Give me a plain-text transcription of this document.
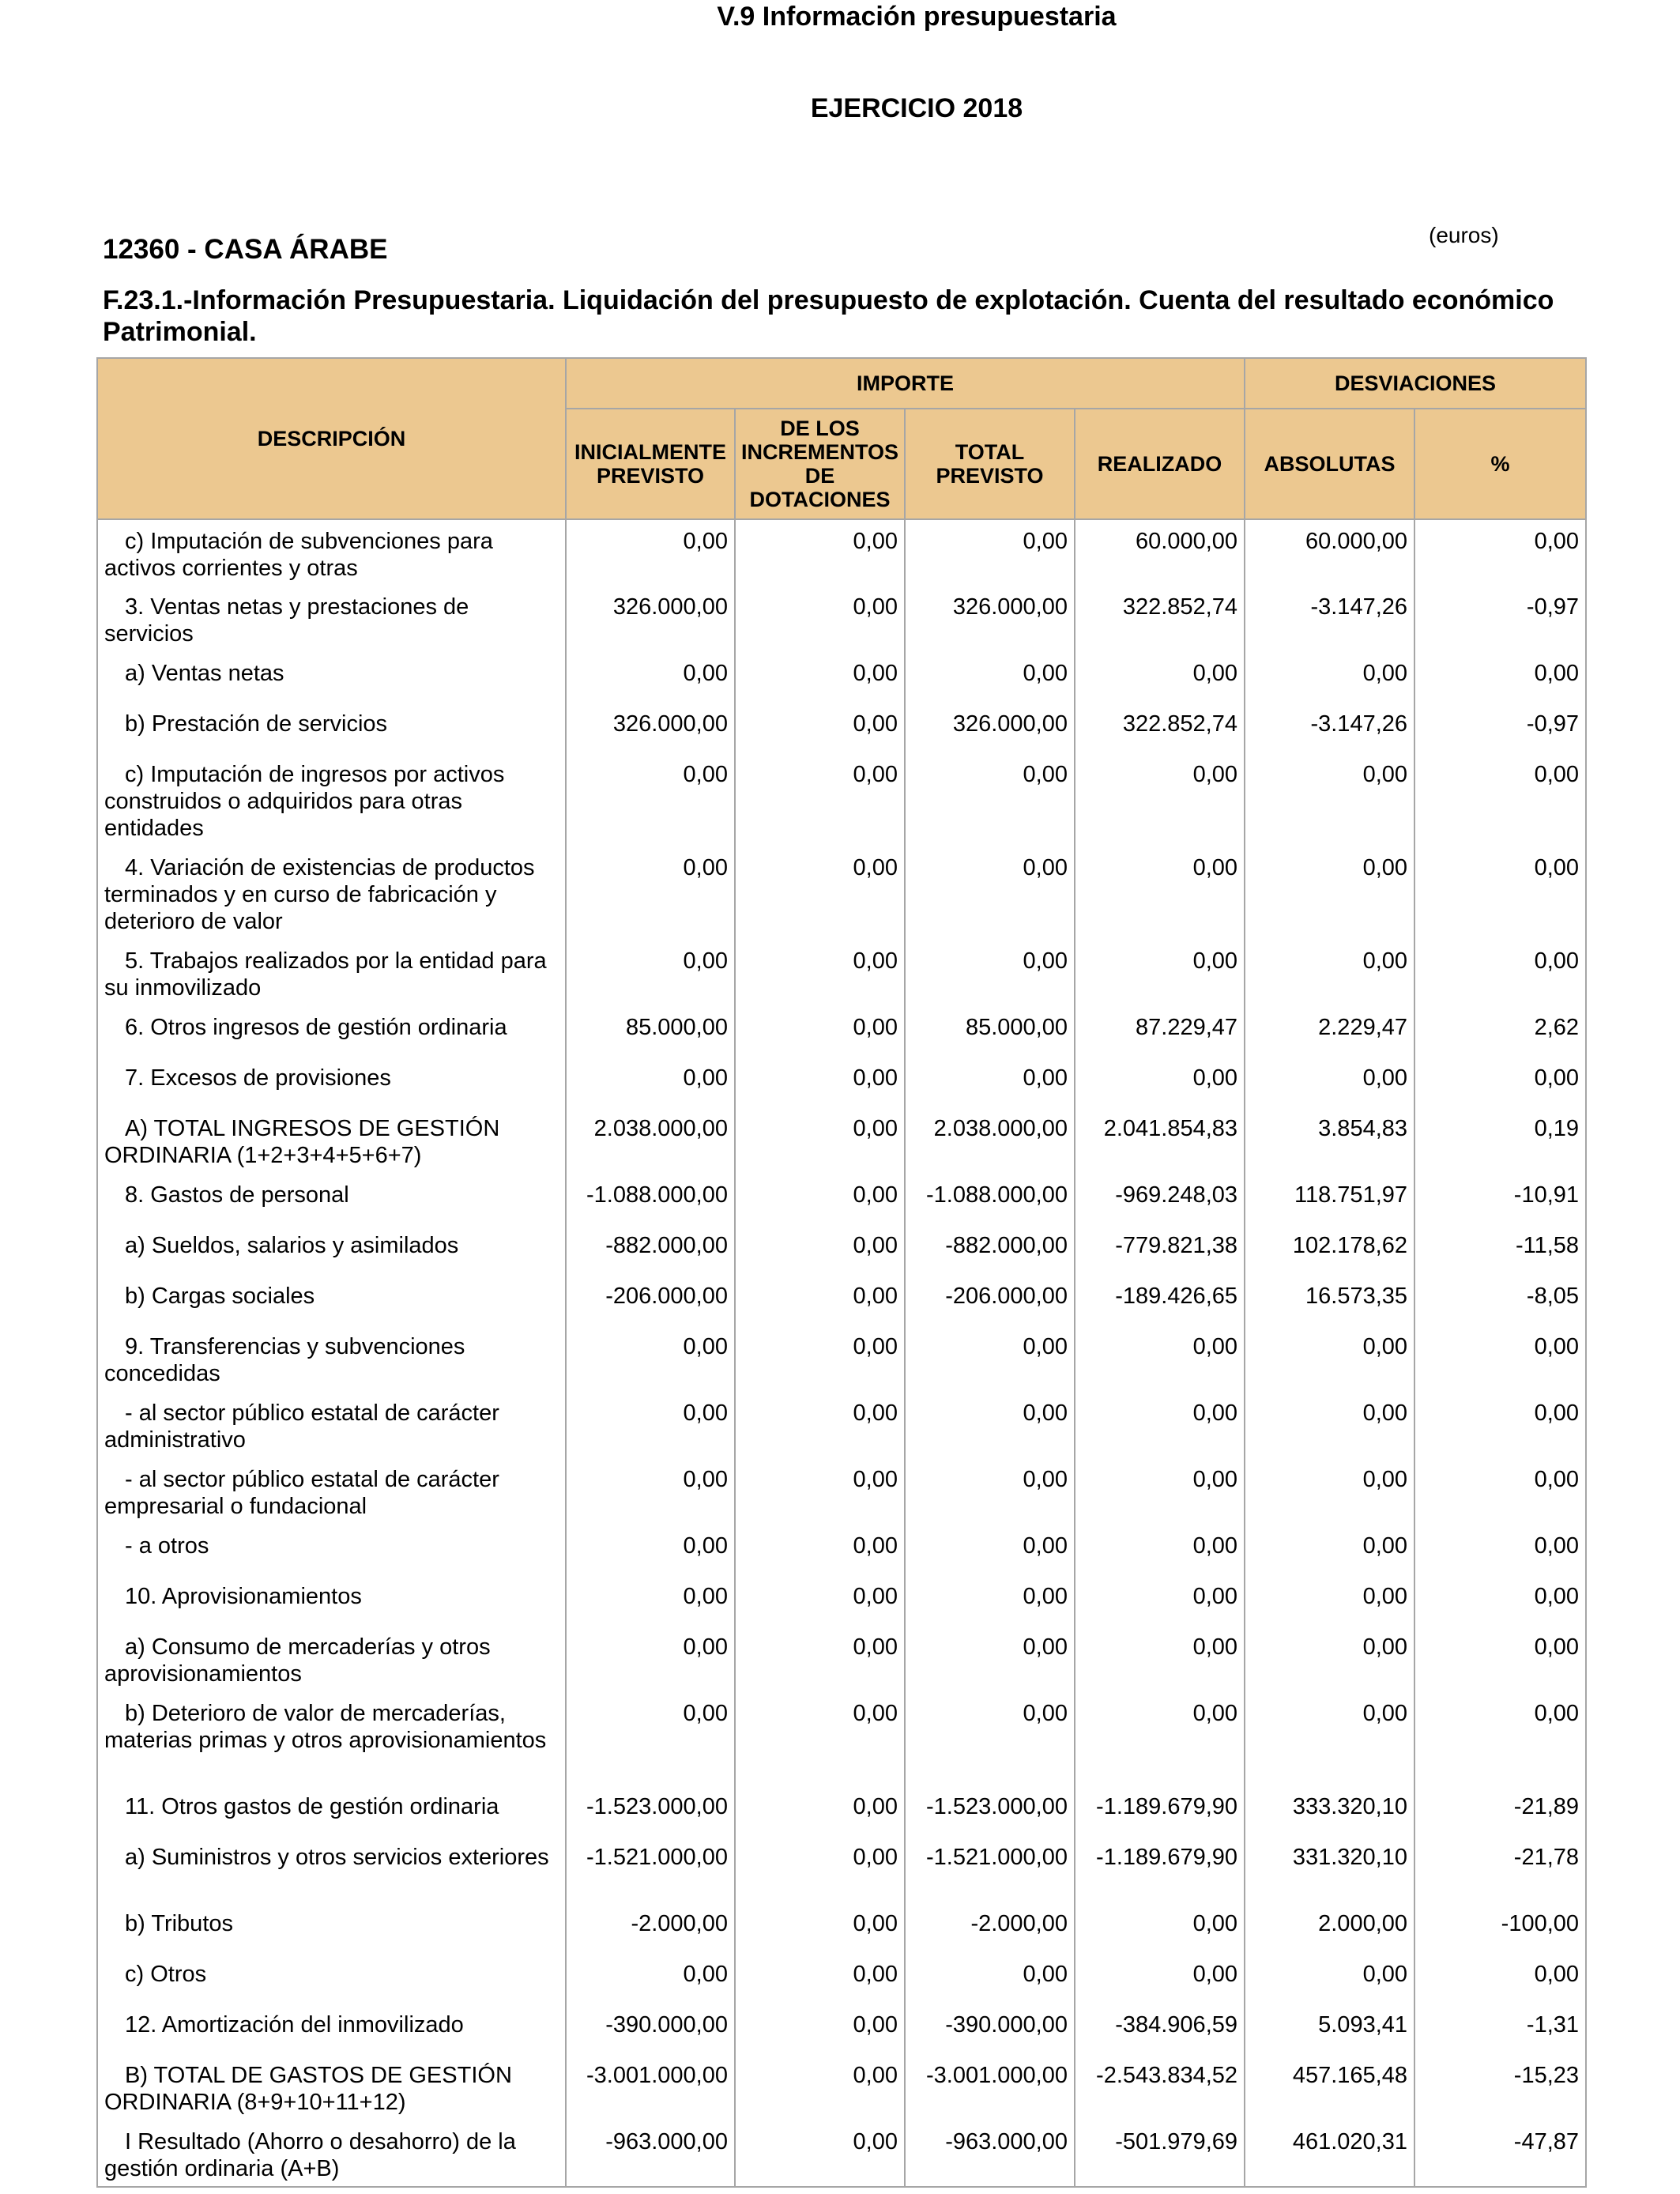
V.9 Información presupuestaria
EJERCICIO 2018
(euros)
12360 - CASA ÁRABE
F.23.1.-Información Presupuestaria. Liquidación del presupuesto de explotación. Cuenta del resultado económico Patrimonial.
DESCRIPCIÓN	IMPORTE				DESVIACIONES	
	INICIALMENTE PREVISTO	DE LOS INCREMENTOS DE DOTACIONES	TOTAL PREVISTO	REALIZADO	ABSOLUTAS	%
c) Imputación de subvenciones para activos corrientes y otras	0,00	0,00	0,00	60.000,00	60.000,00	0,00
3. Ventas netas y prestaciones de servicios	326.000,00	0,00	326.000,00	322.852,74	-3.147,26	-0,97
a) Ventas netas	0,00	0,00	0,00	0,00	0,00	0,00
b) Prestación de servicios	326.000,00	0,00	326.000,00	322.852,74	-3.147,26	-0,97
c) Imputación de ingresos por activos construidos o adquiridos para otras entidades	0,00	0,00	0,00	0,00	0,00	0,00
4. Variación de existencias de productos terminados y en curso de fabricación y deterioro de valor	0,00	0,00	0,00	0,00	0,00	0,00
5. Trabajos realizados por la entidad para su inmovilizado	0,00	0,00	0,00	0,00	0,00	0,00
6. Otros ingresos de gestión ordinaria	85.000,00	0,00	85.000,00	87.229,47	2.229,47	2,62
7. Excesos de provisiones	0,00	0,00	0,00	0,00	0,00	0,00
A) TOTAL INGRESOS DE GESTIÓN ORDINARIA (1+2+3+4+5+6+7)	2.038.000,00	0,00	2.038.000,00	2.041.854,83	3.854,83	0,19
8. Gastos de personal	-1.088.000,00	0,00	-1.088.000,00	-969.248,03	118.751,97	-10,91
a) Sueldos, salarios y asimilados	-882.000,00	0,00	-882.000,00	-779.821,38	102.178,62	-11,58
b) Cargas sociales	-206.000,00	0,00	-206.000,00	-189.426,65	16.573,35	-8,05
9. Transferencias y subvenciones concedidas	0,00	0,00	0,00	0,00	0,00	0,00
- al sector público estatal de carácter administrativo	0,00	0,00	0,00	0,00	0,00	0,00
- al sector público estatal de carácter empresarial o fundacional	0,00	0,00	0,00	0,00	0,00	0,00
- a otros	0,00	0,00	0,00	0,00	0,00	0,00
10. Aprovisionamientos	0,00	0,00	0,00	0,00	0,00	0,00
a) Consumo de mercaderías y otros aprovisionamientos	0,00	0,00	0,00	0,00	0,00	0,00
b) Deterioro de valor de mercaderías, materias primas y otros aprovisionamientos	0,00	0,00	0,00	0,00	0,00	0,00
11. Otros gastos de gestión ordinaria	-1.523.000,00	0,00	-1.523.000,00	-1.189.679,90	333.320,10	-21,89
a) Suministros y otros servicios exteriores	-1.521.000,00	0,00	-1.521.000,00	-1.189.679,90	331.320,10	-21,78
b) Tributos	-2.000,00	0,00	-2.000,00	0,00	2.000,00	-100,00
c) Otros	0,00	0,00	0,00	0,00	0,00	0,00
12. Amortización del inmovilizado	-390.000,00	0,00	-390.000,00	-384.906,59	5.093,41	-1,31
B) TOTAL DE GASTOS DE GESTIÓN ORDINARIA (8+9+10+11+12)	-3.001.000,00	0,00	-3.001.000,00	-2.543.834,52	457.165,48	-15,23
I Resultado (Ahorro o desahorro) de la gestión ordinaria (A+B)	-963.000,00	0,00	-963.000,00	-501.979,69	461.020,31	-47,87
